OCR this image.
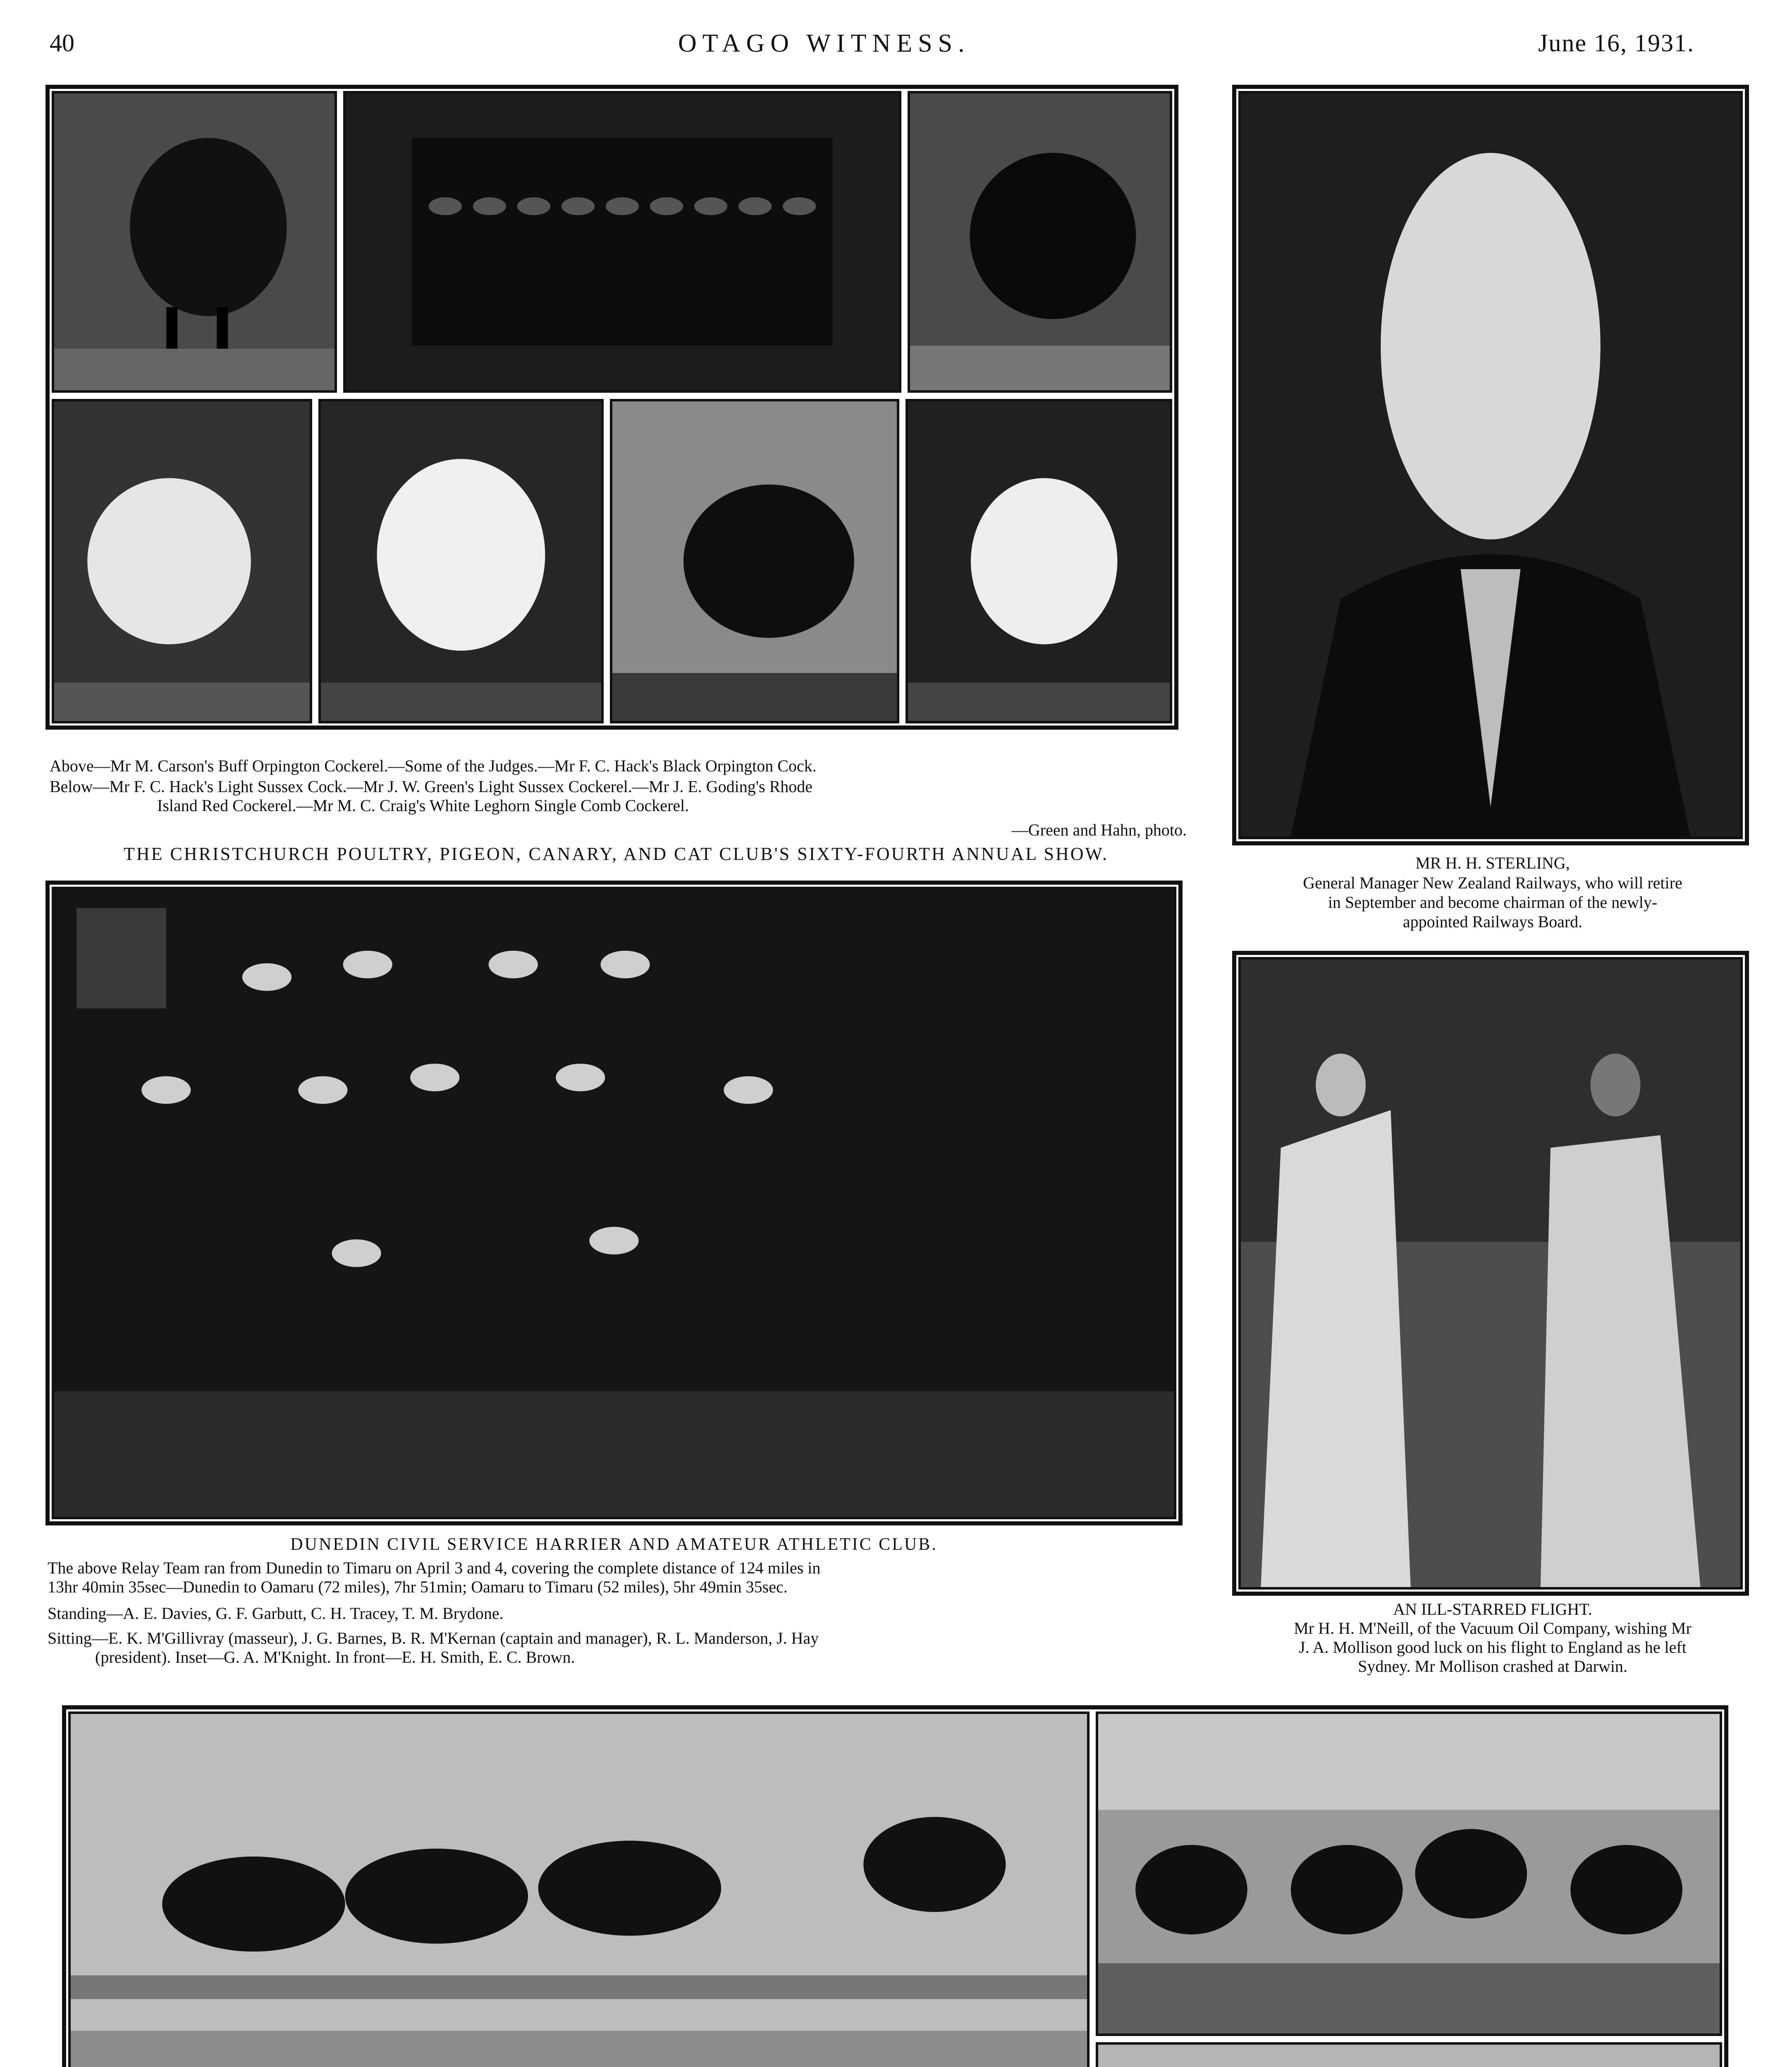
40	OTAGO WITNESS.	June 16, 1931.
Above—Mr M. Carson's Buff Orpington Cockerel.—Some of the Judges.—Mr F. C. Hack's Black Orpington Cock.
Below—Mr F. C. Hack's Light Sussex Cock.—Mr J. W. Green's Light Sussex Cockerel.—Mr J. E. Goding's Rhode
Island Red Cockerel.—Mr M. C. Craig's White Leghorn Single Comb Cockerel.
—Green and Hahn, photo.
THE CHRISTCHURCH POULTRY, PIGEON, CANARY, AND CAT CLUB'S SIXTY-FOURTH ANNUAL SHOW.	MR H. H. STERLING,
General Manager New Zealand Railways, who will retire
in September and become chairman of the newly-
appointed Railways Board.
DUNEDIN CIVIL SERVICE HARRIER AND AMATEUR ATHLETIC CLUB.
The above Relay Team ran from Dunedin to Timaru on April 3 and 4, covering the complete distance of 124 miles in
13hr 40min 35sec—Dunedin to Oamaru (72 miles), 7hr 51min; Oamaru to Timaru (52 miles), 5hr 49min 35sec.
Standing—A. E. Davies, G. F. Garbutt, C. H. Tracey, T. M. Brydone.
Sitting—E. K. M'Gillivray (masseur), J. G. Barnes, B. R. M'Kernan (captain and manager), R. L. Manderson, J. Hay
(president). Inset—G. A. M'Knight. In front—E. H. Smith, E. C. Brown.
AN ILL-STARRED FLIGHT.
Mr H. H. M'Neill, of the Vacuum Oil Company, wishing Mr
J. A. Mollison good luck on his flight to England as he left
Sydney. Mr Mollison crashed at Darwin.
